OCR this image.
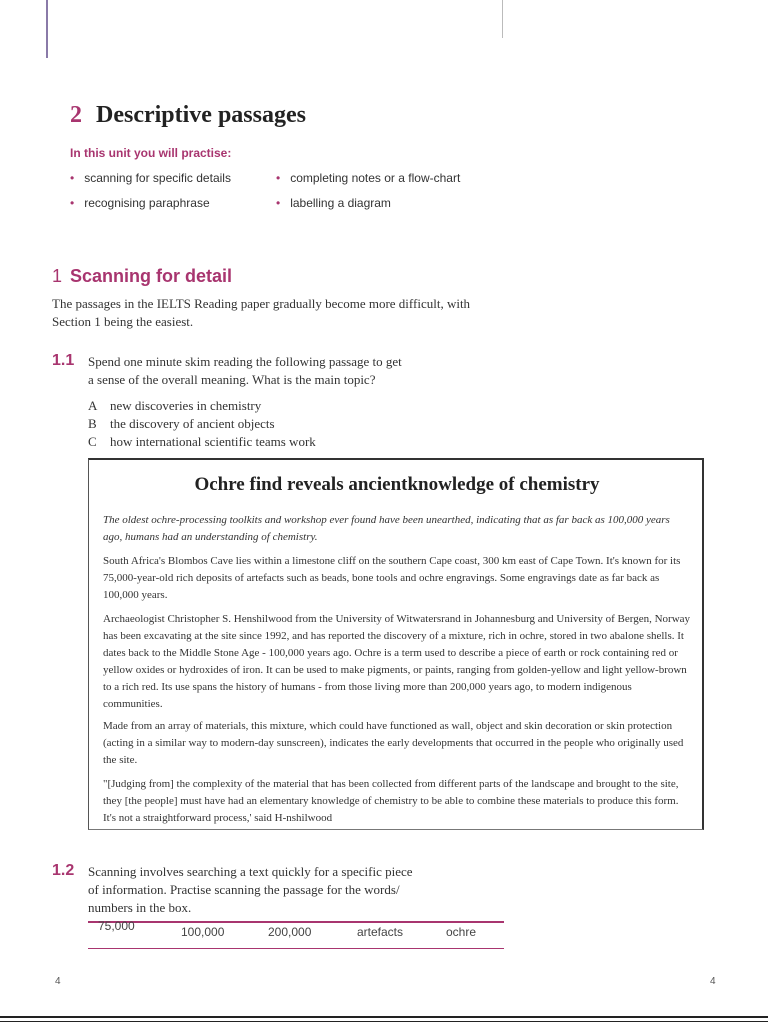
2 Descriptive passages
In this unit you will practise:
• scanning for specific details
• recognising paraphrase
• completing notes or a flow-chart
• labelling a diagram
1 Scanning for detail
The passages in the IELTS Reading paper gradually become more difficult, with Section 1 being the easiest.
1.1 Spend one minute skim reading the following passage to get
a sense of the overall meaning. What is the main topic?
A new discoveries in chemistry
B the discovery of ancient objects
C how international scientific teams work
Ochre find reveals ancientknowledge of chemistry
The oldest ochre-processing toolkits and workshop ever found have been unearthed, indicating that as far back as 100,000 years ago, humans had an understanding of chemistry.
South Africa's Blombos Cave lies within a limestone cliff on the southern Cape coast, 300 km east of Cape Town. It's known for its 75,000-year-old rich deposits of artefacts such as beads, bone tools and ochre engravings. Some engravings date as far back as 100,000 years.
Archaeologist Christopher S. Henshilwood from the University of Witwatersrand in Johannesburg and University of Bergen, Norway has been excavating at the site since 1992, and has reported the discovery of a mixture, rich in ochre, stored in two abalone shells. It dates back to the Middle Stone Age - 100,000 years ago. Ochre is a term used to describe a piece of earth or rock containing red or yellow oxides or hydroxides of iron. It can be used to make pigments, or paints, ranging from golden-yellow and light yellow-brown to a rich red. Its use spans the history of humans - from those living more than 200,000 years ago, to modern indigenous communities.
Made from an array of materials, this mixture, which could have functioned as wall, object and skin decoration or skin protection (acting in a similar way to modern-day sunscreen), indicates the early developments that occurred in the people who originally used the site.
"[Judging from] the complexity of the material that has been collected from different parts of the landscape and brought to the site, they [the people] must have had an elementary knowledge of chemistry to be able to combine these materials to produce this form. It's not a straightforward process,' said H-nshilwood
1.2 Scanning involves searching a text quickly for a specific piece
of information. Practise scanning the passage for the words/
numbers in the box.
75,000	100,000	200,000	artefacts	ochre
4	4
